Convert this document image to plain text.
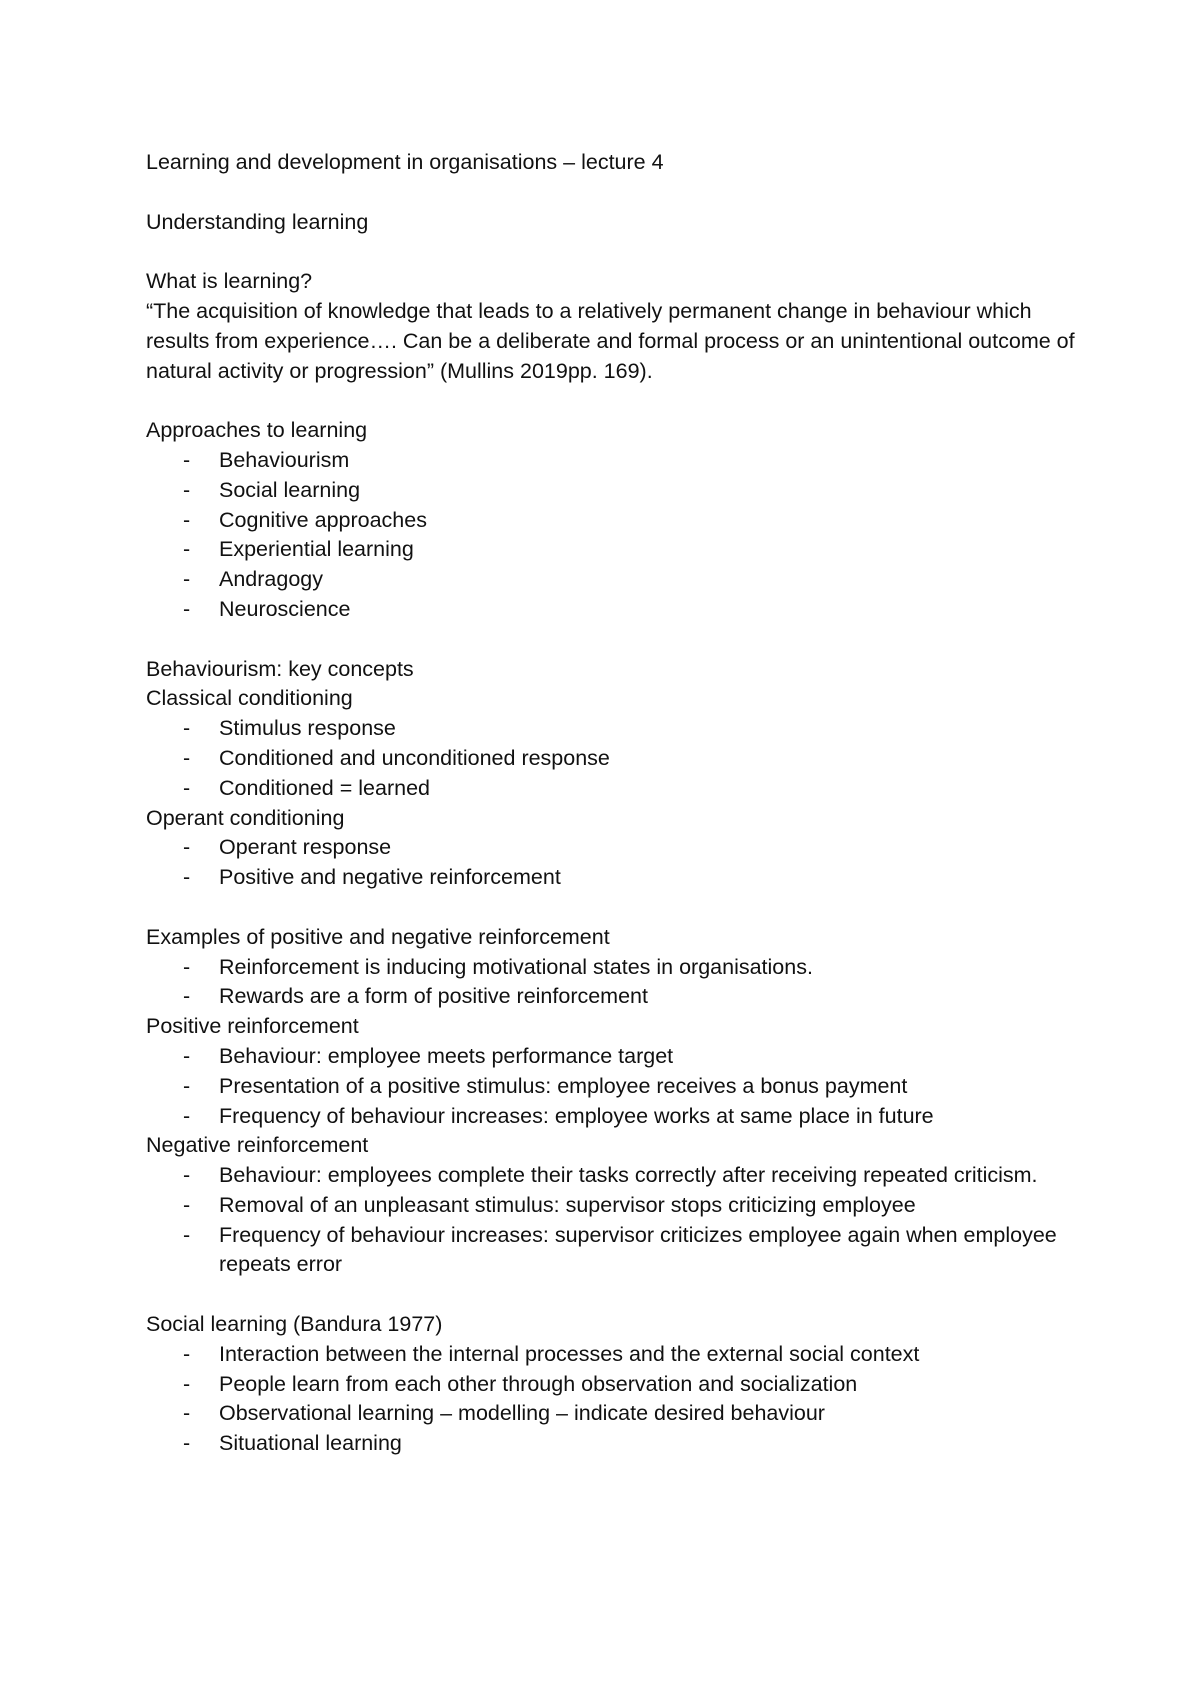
Learning and development in organisations – lecture 4

Understanding learning

What is learning?

“The acquisition of knowledge that leads to a relatively permanent change in behaviour which results from experience…. Can be a deliberate and formal process or an unintentional outcome of natural activity or progression” (Mullins 2019pp. 169).

Approaches to learning

- Behaviourism
- Social learning
- Cognitive approaches
- Experiential learning
- Andragogy
- Neuroscience

Behaviourism: key concepts

Classical conditioning

- Stimulus response
- Conditioned and unconditioned response
- Conditioned = learned

Operant conditioning

- Operant response
- Positive and negative reinforcement

Examples of positive and negative reinforcement

- Reinforcement is inducing motivational states in organisations.
- Rewards are a form of positive reinforcement

Positive reinforcement

- Behaviour: employee meets performance target
- Presentation of a positive stimulus: employee receives a bonus payment
- Frequency of behaviour increases: employee works at same place in future

Negative reinforcement

- Behaviour: employees complete their tasks correctly after receiving repeated criticism.
- Removal of an unpleasant stimulus: supervisor stops criticizing employee
- Frequency of behaviour increases: supervisor criticizes employee again when employee repeats error

Social learning (Bandura 1977)

- Interaction between the internal processes and the external social context
- People learn from each other through observation and socialization
- Observational learning – modelling – indicate desired behaviour
- Situational learning
